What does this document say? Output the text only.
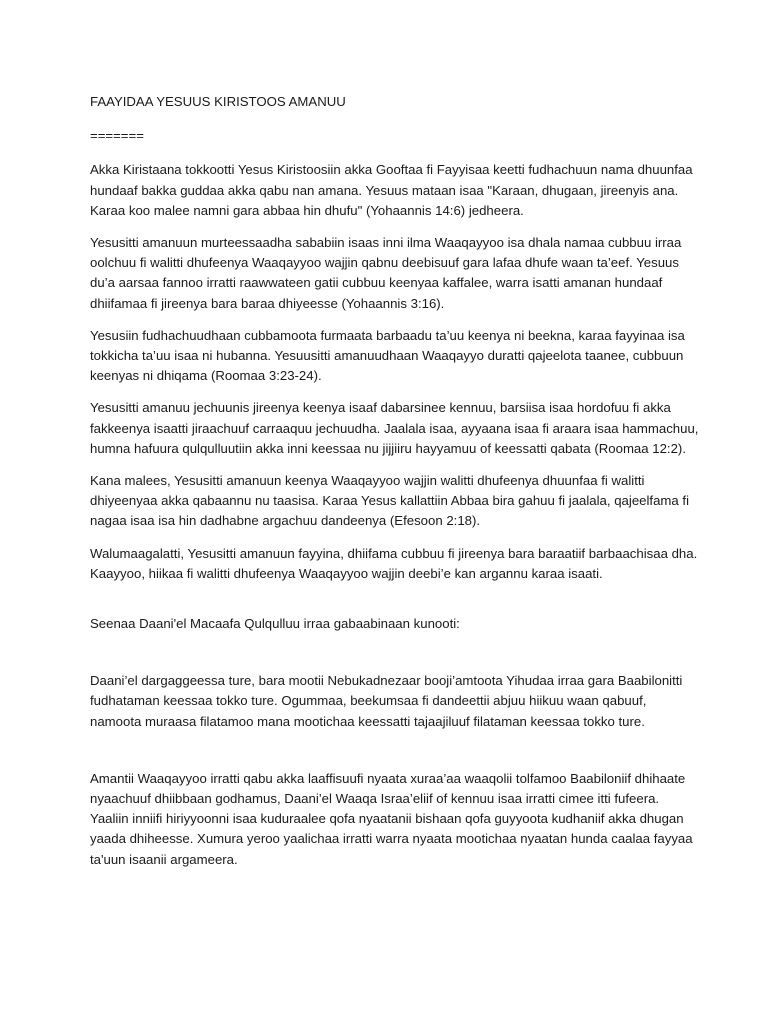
FAAYIDAA YESUUS KIRISTOOS AMANUU

=======

Akka Kiristaana tokkootti Yesus Kiristoosiin akka Gooftaa fi Fayyisaa keetti fudhachuun nama dhuunfaa
hundaaf bakka guddaa akka qabu nan amana. Yesuus mataan isaa "Karaan, dhugaan, jireenyis ana.
Karaa koo malee namni gara abbaa hin dhufu" (Yohaannis 14:6) jedheera.

Yesusitti amanuun murteessaadha sababiin isaas inni ilma Waaqayyoo isa dhala namaa cubbuu irraa
oolchuu fi walitti dhufeenya Waaqayyoo wajjin qabnu deebisuuf gara lafaa dhufe waan ta’eef. Yesuus
du’a aarsaa fannoo irratti raawwateen gatii cubbuu keenyaa kaffalee, warra isatti amanan hundaaf
dhiifamaa fi jireenya bara baraa dhiyeesse (Yohaannis 3:16).

Yesusiin fudhachuudhaan cubbamoota furmaata barbaadu ta’uu keenya ni beekna, karaa fayyinaa isa
tokkicha ta’uu isaa ni hubanna. Yesuusitti amanuudhaan Waaqayyo duratti qajeelota taanee, cubbuun
keenyas ni dhiqama (Roomaa 3:23-24).

Yesusitti amanuu jechuunis jireenya keenya isaaf dabarsinee kennuu, barsiisa isaa hordofuu fi akka
fakkeenya isaatti jiraachuuf carraaquu jechuudha. Jaalala isaa, ayyaana isaa fi araara isaa hammachuu,
humna hafuura qulqulluutiin akka inni keessaa nu jijjiiru hayyamuu of keessatti qabata (Roomaa 12:2).

Kana malees, Yesusitti amanuun keenya Waaqayyoo wajjin walitti dhufeenya dhuunfaa fi walitti
dhiyeenyaa akka qabaannu nu taasisa. Karaa Yesus kallattiin Abbaa bira gahuu fi jaalala, qajeelfama fi
nagaa isaa isa hin dadhabne argachuu dandeenya (Efesoon 2:18).

Walumaagalatti, Yesusitti amanuun fayyina, dhiifama cubbuu fi jireenya bara baraatiif barbaachisaa dha.
Kaayyoo, hiikaa fi walitti dhufeenya Waaqayyoo wajjin deebi’e kan argannu karaa isaati.

Seenaa Daani'el Macaafa Qulqulluu irraa gabaabinaan kunooti:

Daani’el dargaggeessa ture, bara mootii Nebukadnezaar booji’amtoota Yihudaa irraa gara Baabilonitti
fudhataman keessaa tokko ture. Ogummaa, beekumsaa fi dandeettii abjuu hiikuu waan qabuuf,
namoota muraasa filatamoo mana mootichaa keessatti tajaajiluuf filataman keessaa tokko ture.

Amantii Waaqayyoo irratti qabu akka laaffisuufi nyaata xuraa’aa waaqolii tolfamoo Baabiloniif dhihaate
nyaachuuf dhiibbaan godhamus, Daani’el Waaqa Israa’eliif of kennuu isaa irratti cimee itti fufeera.
Yaaliin inniifi hiriyyoonni isaa kuduraalee qofa nyaatanii bishaan qofa guyyoota kudhaniif akka dhugan
yaada dhiheesse. Xumura yeroo yaalichaa irratti warra nyaata mootichaa nyaatan hunda caalaa fayyaa
ta'uun isaanii argameera.
